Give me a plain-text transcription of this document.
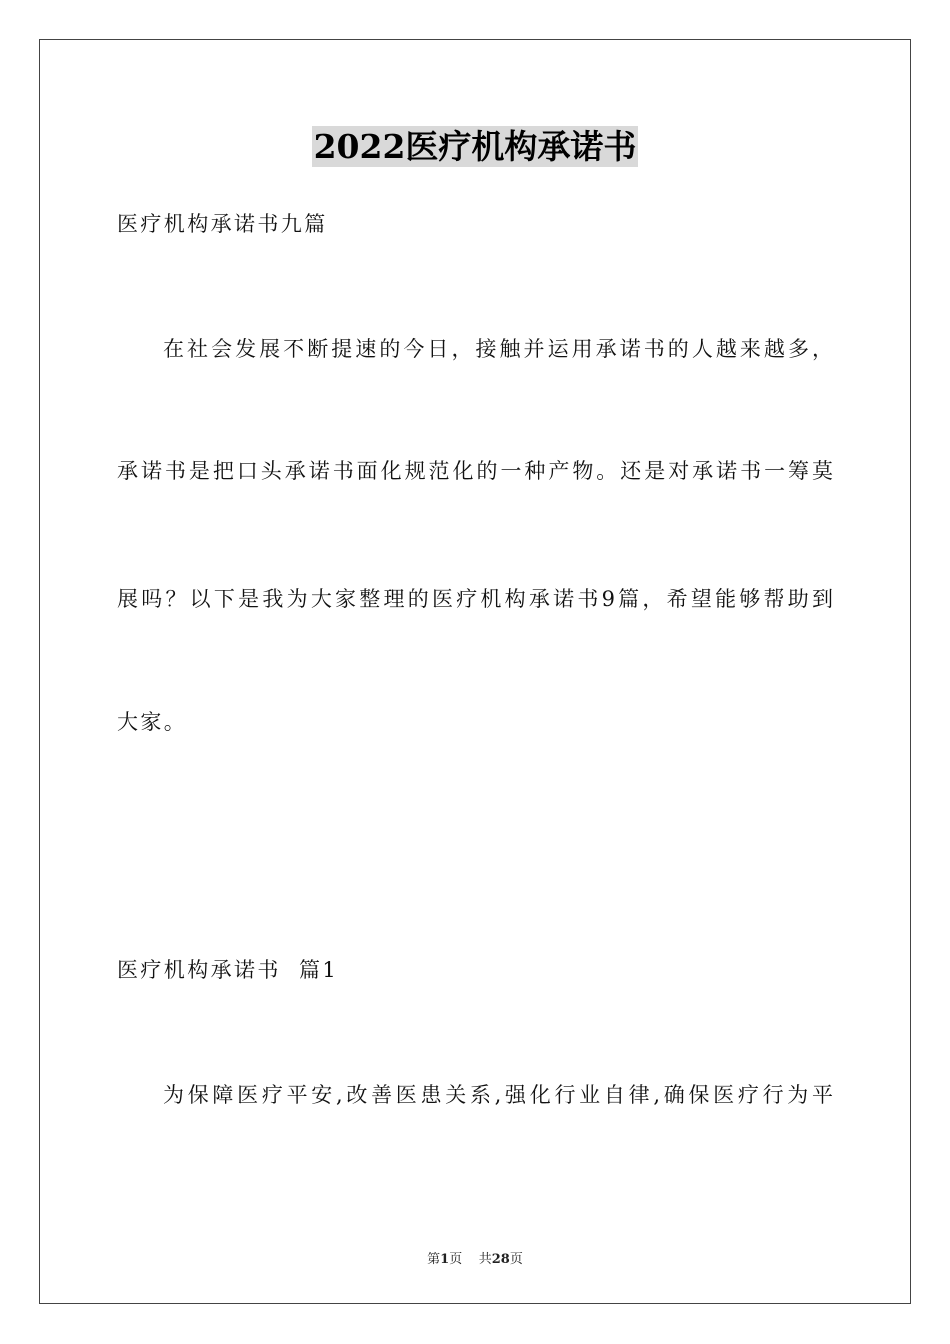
2022医疗机构承诺书
医疗机构承诺书九篇
在社会发展不断提速的今日，接触并运用承诺书的人越来越多，
承诺书是把口头承诺书面化规范化的一种产物。还是对承诺书一筹莫
展吗？以下是我为大家整理的医疗机构承诺书9篇，希望能够帮助到
大家。
医疗机构承诺书  篇1
为保障医疗平安,改善医患关系,强化行业自律,确保医疗行为平
第1页    共28页
